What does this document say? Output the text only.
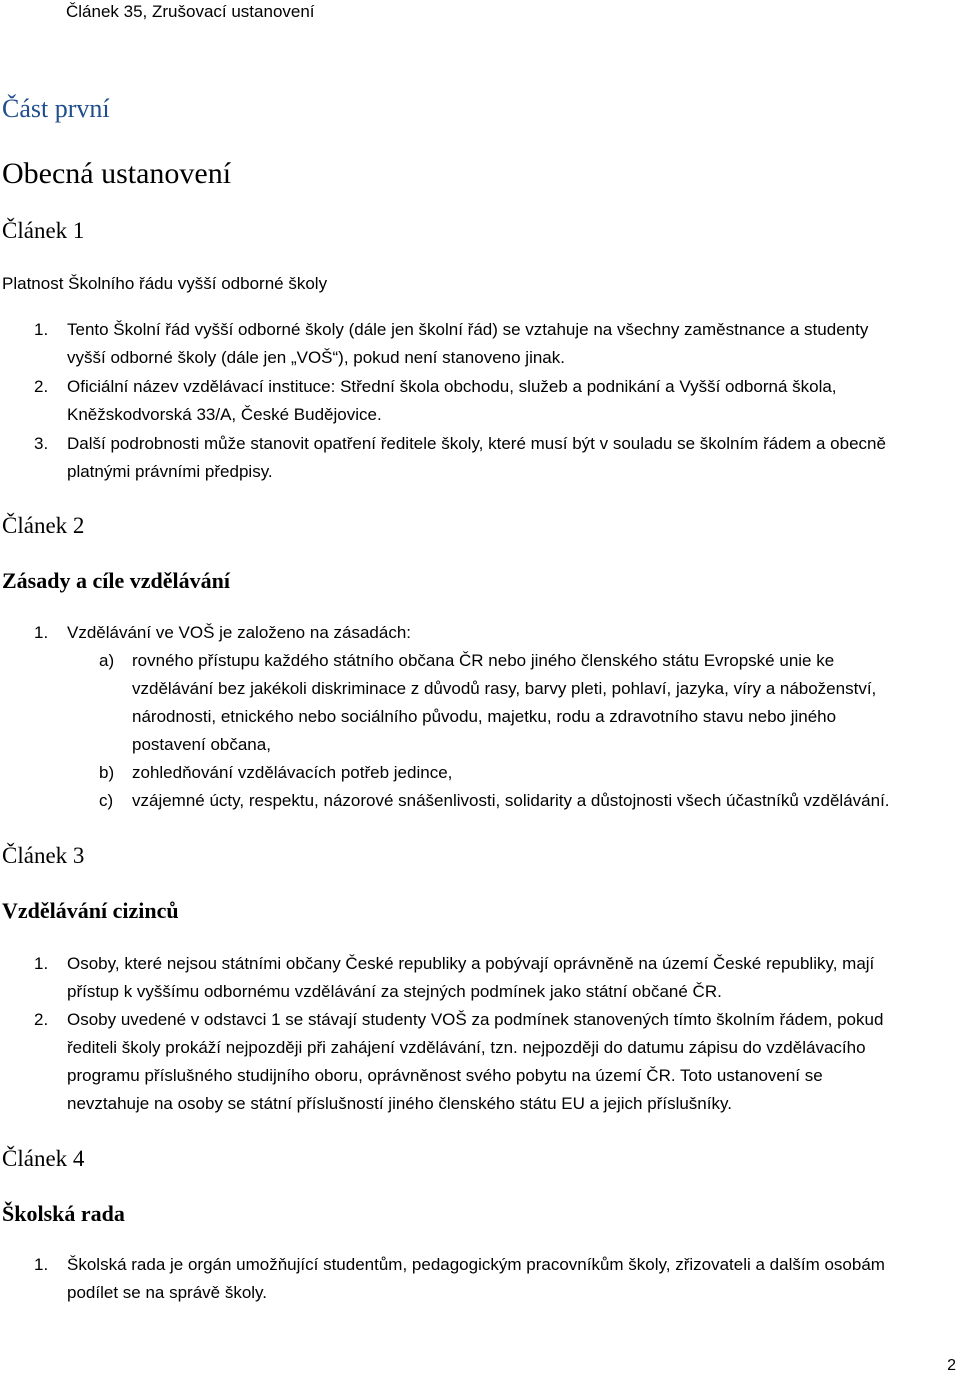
Článek 35, Zrušovací ustanovení
Část první
Obecná ustanovení
Článek 1
Platnost Školního řádu vyšší odborné školy
1. Tento Školní řád vyšší odborné školy (dále jen školní řád) se vztahuje na všechny zaměstnance a studenty
vyšší odborné školy (dále jen „VOŠ“), pokud není stanoveno jinak.
2. Oficiální název vzdělávací instituce: Střední škola obchodu, služeb a podnikání a Vyšší odborná škola,
Kněžskodvorská 33/A, České Budějovice.
3. Další podrobnosti může stanovit opatření ředitele školy, které musí být v souladu se školním řádem a obecně
platnými právními předpisy.
Článek 2
Zásady a cíle vzdělávání
1. Vzdělávání ve VOŠ je založeno na zásadách:
a) rovného přístupu každého státního občana ČR nebo jiného členského státu Evropské unie ke
vzdělávání bez jakékoli diskriminace z důvodů rasy, barvy pleti, pohlaví, jazyka, víry a náboženství,
národnosti, etnického nebo sociálního původu, majetku, rodu a zdravotního stavu nebo jiného
postavení občana,
b) zohledňování vzdělávacích potřeb jedince,
c) vzájemné úcty, respektu, názorové snášenlivosti, solidarity a důstojnosti všech účastníků vzdělávání.
Článek 3
Vzdělávání cizinců
1. Osoby, které nejsou státními občany České republiky a pobývají oprávněně na území České republiky, mají
přístup k vyššímu odbornému vzdělávání za stejných podmínek jako státní občané ČR.
2. Osoby uvedené v odstavci 1 se stávají studenty VOŠ za podmínek stanovených tímto školním řádem, pokud
řediteli školy prokáží nejpozději při zahájení vzdělávání, tzn. nejpozději do datumu zápisu do vzdělávacího
programu příslušného studijního oboru, oprávněnost svého pobytu na území ČR. Toto ustanovení se
nevztahuje na osoby se státní příslušností jiného členského státu EU a jejich příslušníky.
Článek 4
Školská rada
1. Školská rada je orgán umožňující studentům, pedagogickým pracovníkům školy, zřizovateli a dalším osobám
podílet se na správě školy.
2
